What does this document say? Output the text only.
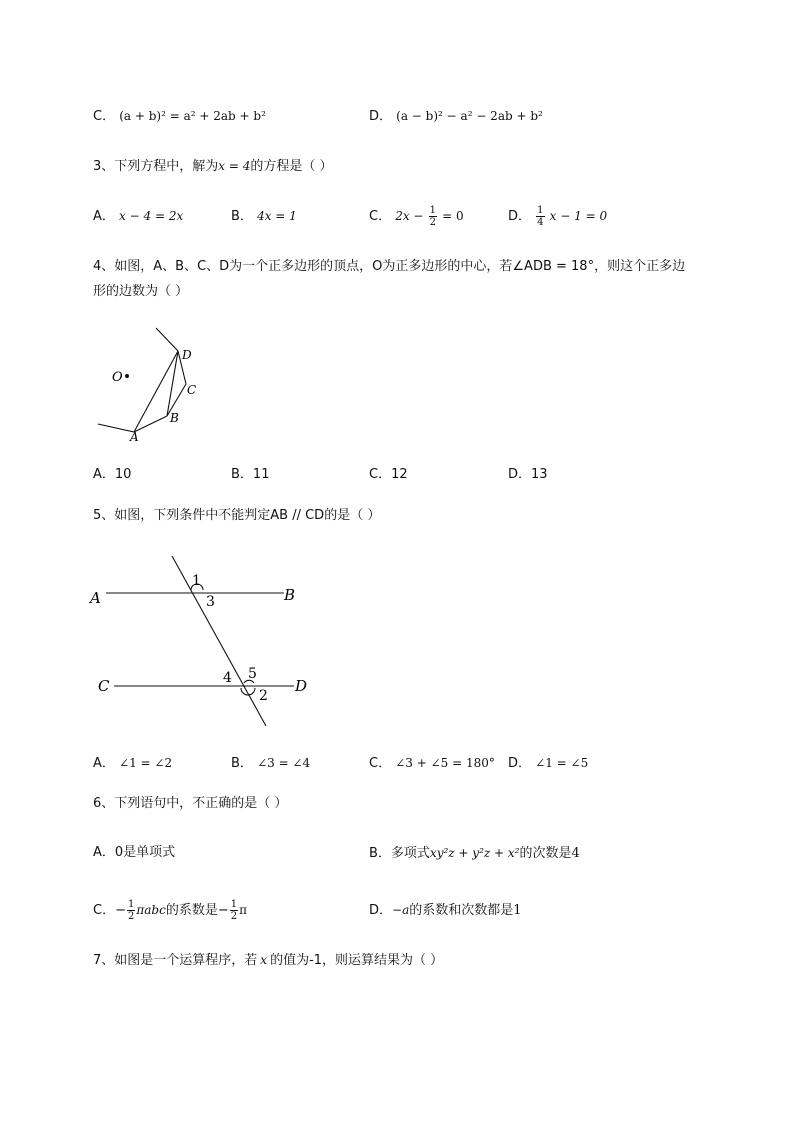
C． (a + b)² = a² + 2ab + b²	D． (a − b)² − a² − 2ab + b²
3、下列方程中，解为x = 4的方程是（ ）
A． x − 4 = 2x	B． 4x = 1	C． $2x - \frac{1}{2} = 0$	D． $\frac{1}{4}$ x − 1 = 0
4、如图，A、B、C、D为一个正多边形的顶点，O为正多边形的中心，若∠ADB = 18°，则这个正多边
形的边数为（ ）
O
D
C
B
A
A．10	B．11	C．12	D．13
5、如图，下列条件中不能判定AB // CD的是（ ）
A	B
C	D
1
3
4 5
2
A． ∠1 = ∠2	B． ∠3 = ∠4	C． ∠3 + ∠5 = 180° D． ∠1 = ∠5
6、下列语句中，不正确的是（ ）
A．0是单项式	B．多项式xy²z + y²z + x²的次数是4
C．− $\frac{1}{2}$ πabc的系数是− $\frac{1}{2}$ π	D．−a的系数和次数都是1
7、如图是一个运算程序，若 x 的值为-1，则运算结果为（ ）
